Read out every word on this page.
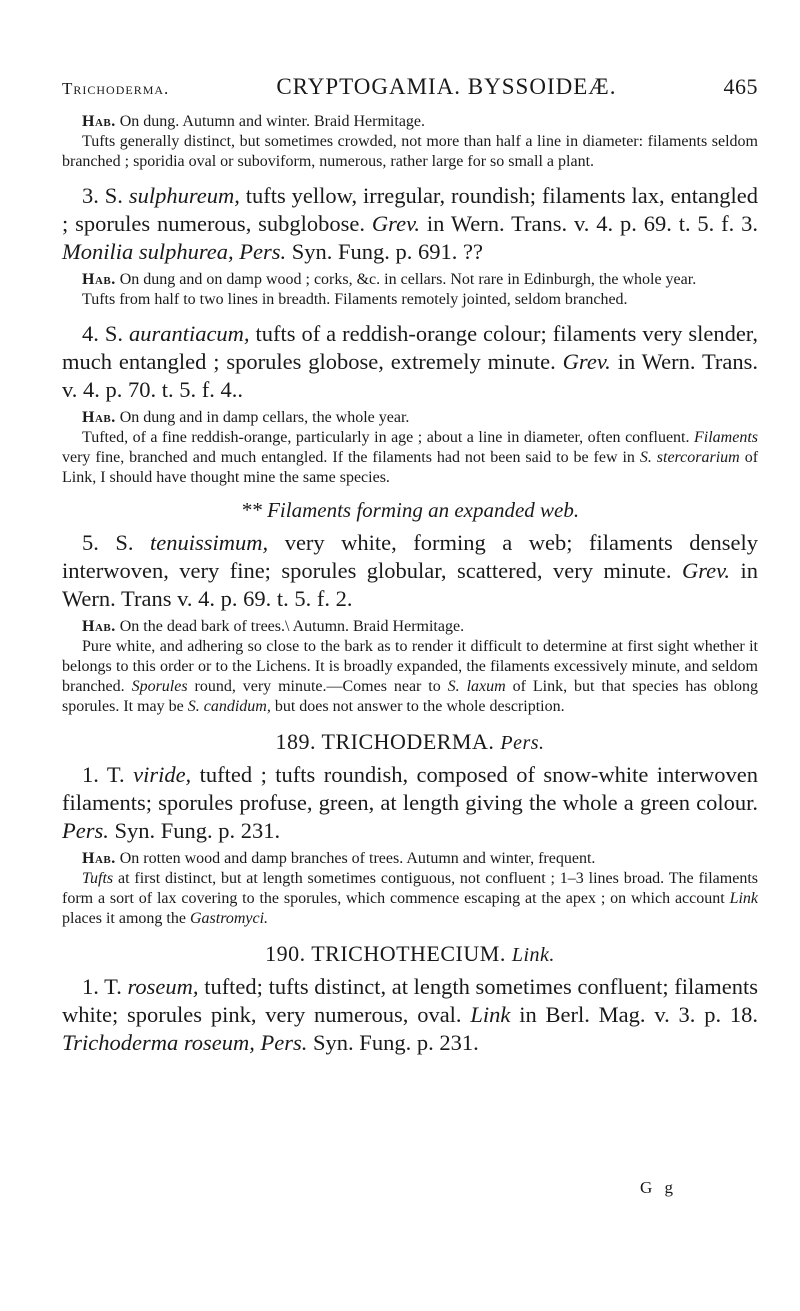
Trichoderma.	CRYPTOGAMIA. BYSSOIDEÆ.	465

Hab. On dung. Autumn and winter. Braid Hermitage.

Tufts generally distinct, but sometimes crowded, not more than half a line in diameter: filaments seldom branched ; sporidia oval or suboviform, numerous, rather large for so small a plant.

3. S. sulphureum, tufts yellow, irregular, roundish; filaments lax, entangled ; sporules numerous, subglobose. Grev. in Wern. Trans. v. 4. p. 69. t. 5. f. 3. Monilia sulphurea, Pers. Syn. Fung. p. 691. ??

Hab. On dung and on damp wood ; corks, &c. in cellars. Not rare in Edinburgh, the whole year.

Tufts from half to two lines in breadth. Filaments remotely jointed, seldom branched.

4. S. aurantiacum, tufts of a reddish-orange colour; filaments very slender, much entangled ; sporules globose, extremely minute. Grev. in Wern. Trans. v. 4. p. 70. t. 5. f. 4..

Hab. On dung and in damp cellars, the whole year.

Tufted, of a fine reddish-orange, particularly in age ; about a line in diameter, often confluent. Filaments very fine, branched and much entangled. If the filaments had not been said to be few in S. stercorarium of Link, I should have thought mine the same species.

** Filaments forming an expanded web.

5. S. tenuissimum, very white, forming a web; filaments densely interwoven, very fine; sporules globular, scattered, very minute. Grev. in Wern. Trans v. 4. p. 69. t. 5. f. 2.

Hab. On the dead bark of trees.\ Autumn. Braid Hermitage.

Pure white, and adhering so close to the bark as to render it difficult to determine at first sight whether it belongs to this order or to the Lichens. It is broadly expanded, the filaments excessively minute, and seldom branched. Sporules round, very minute.—Comes near to S. laxum of Link, but that species has oblong sporules. It may be S. candidum, but does not answer to the whole description.

189. TRICHODERMA. Pers.

1. T. viride, tufted ; tufts roundish, composed of snow-white interwoven filaments; sporules profuse, green, at length giving the whole a green colour. Pers. Syn. Fung. p. 231.

Hab. On rotten wood and damp branches of trees. Autumn and winter, frequent.

Tufts at first distinct, but at length sometimes contiguous, not confluent ; 1–3 lines broad. The filaments form a sort of lax covering to the sporules, which commence escaping at the apex ; on which account Link places it among the Gastromyci.

190. TRICHOTHECIUM. Link.

1. T. roseum, tufted; tufts distinct, at length sometimes confluent; filaments white; sporules pink, very numerous, oval. Link in Berl. Mag. v. 3. p. 18. Trichoderma roseum, Pers. Syn. Fung. p. 231.

G g
